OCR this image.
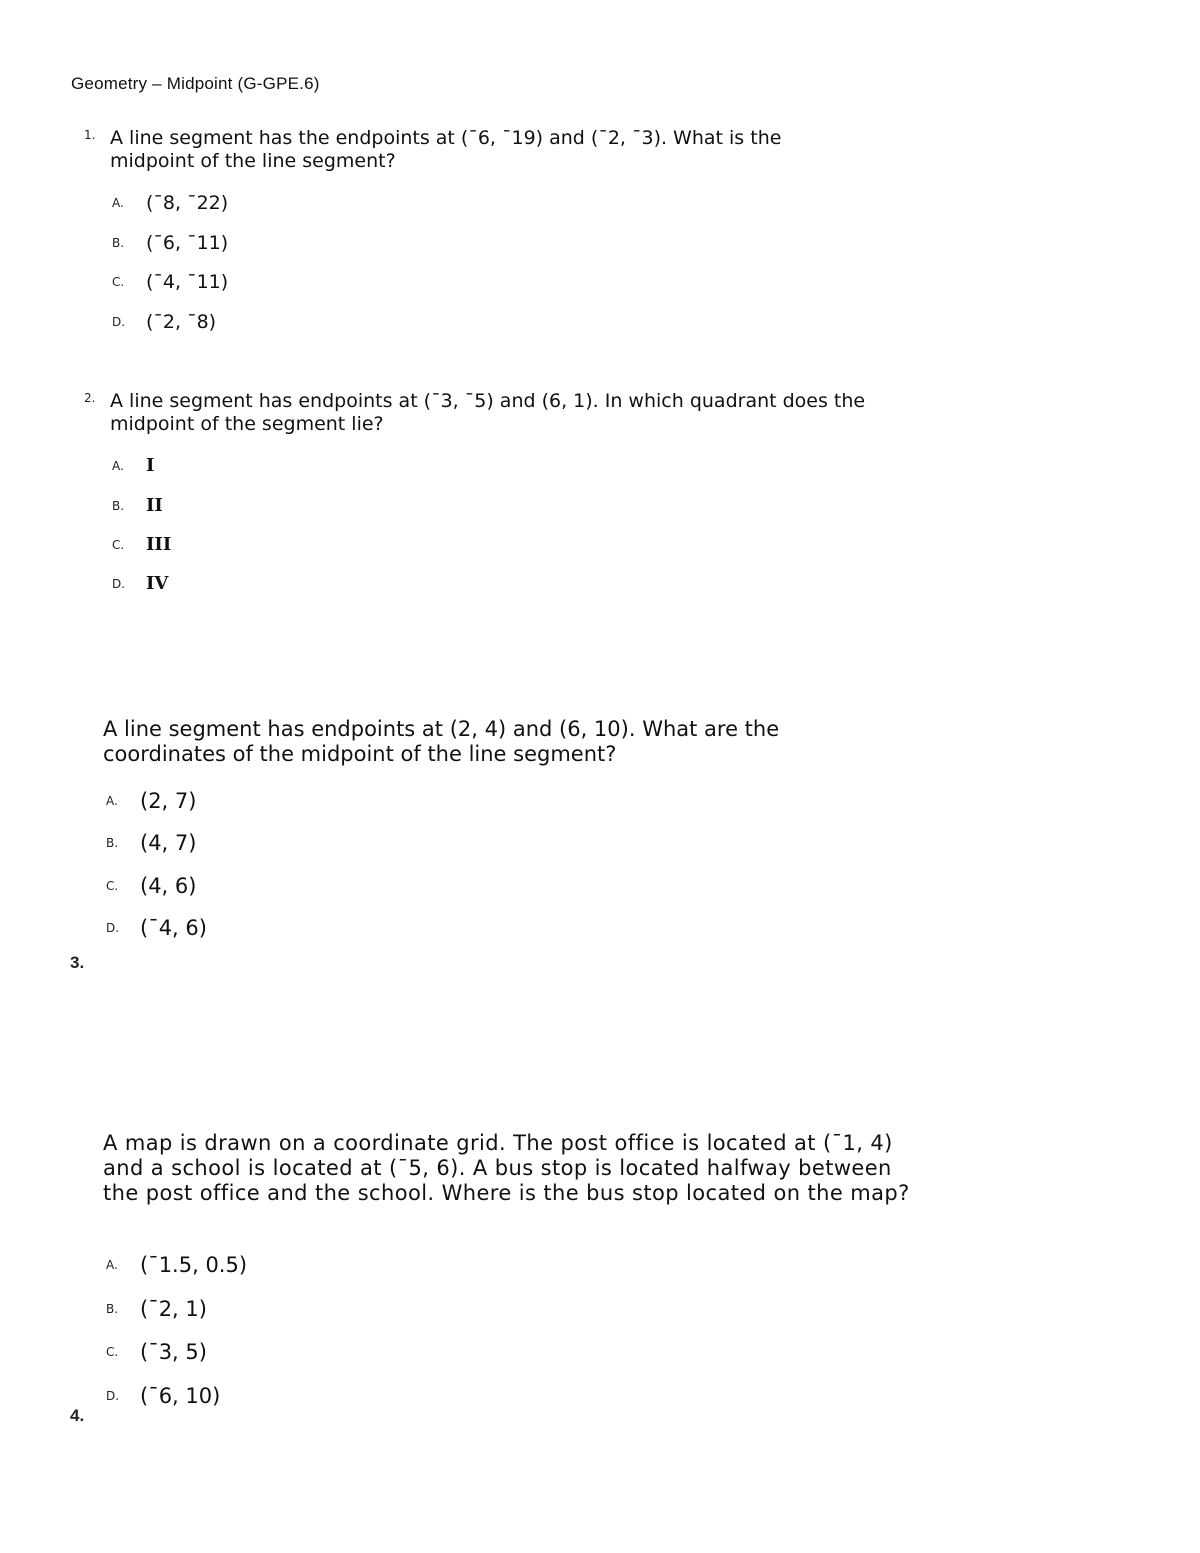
Geometry – Midpoint (G-GPE.6)
1. A line segment has the endpoints at (¯6, ¯19) and (¯2, ¯3). What is the midpoint of the line segment?
A.	(¯8, ¯22)
B.	(¯6, ¯11)
C.	(¯4, ¯11)
D.	(¯2, ¯8)
2. A line segment has endpoints at (¯3, ¯5) and (6, 1). In which quadrant does the midpoint of the segment lie?
A.	I
B.	II
C.	III
D.	IV
A line segment has endpoints at (2, 4) and (6, 10). What are the coordinates of the midpoint of the line segment?
A.	(2, 7)
B.	(4, 7)
C.	(4, 6)
D. (¯4, 6)
3.
A map is drawn on a coordinate grid. The post office is located at (¯1, 4) and a school is located at (¯5, 6). A bus stop is located halfway between the post office and the school. Where is the bus stop located on the map?
A.	(¯1.5, 0.5)
B.	(¯2, 1)
C.	(¯3, 5)
D. (¯6, 10)
4.
